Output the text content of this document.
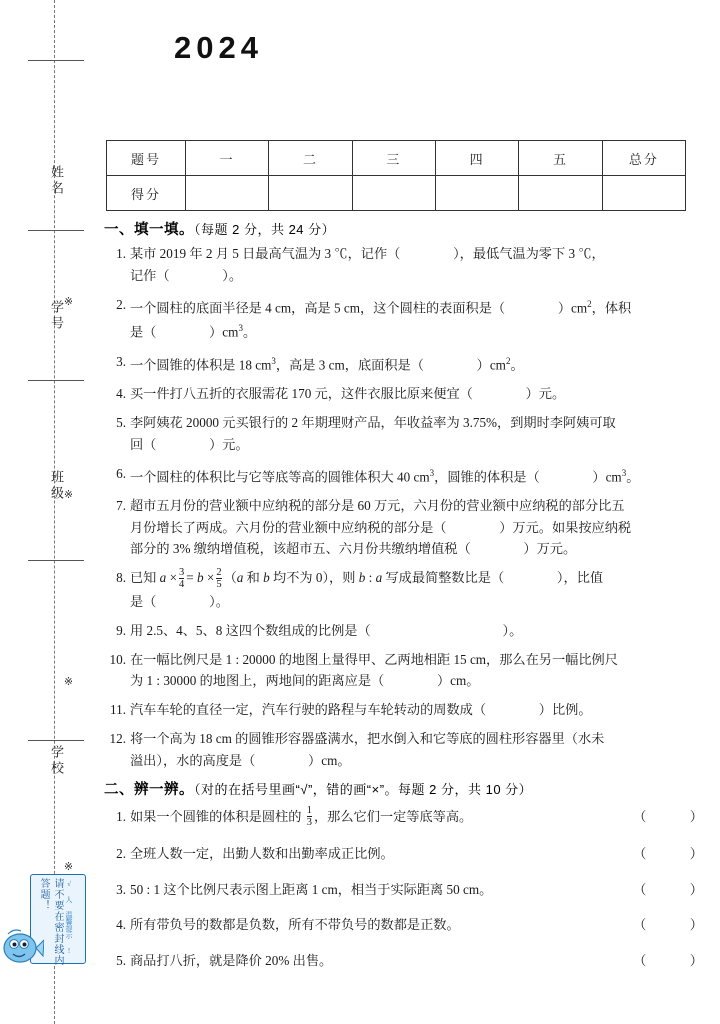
姓名
学号
班级
学校
※
※
※
※
请不要在密封线内答题！	√ 人 温馨提示 !
2024
题号	一	二	三	四	五	总分
得分						
一、填一填。（每题 2 分，共 24 分）
1. 某市 2019 年 2 月 5 日最高气温为 3 ℃，记作（　　　　），最低气温为零下 3 ℃，
记作（　　　　）。
2. 一个圆柱的底面半径是 4 cm，高是 5 cm，这个圆柱的表面积是（　　　　）$cm^2$，体积
是（　　　　）$cm^3$。
3. 一个圆锥的体积是 18 $cm^3$，高是 3 cm，底面积是（　　　　）$cm^2$。
4. 买一件打八五折的衣服需花 170 元，这件衣服比原来便宜（　　　　）元。
5. 李阿姨花 20000 元买银行的 2 年期理财产品，年收益率为 3.75%，到期时李阿姨可取
回（　　　　）元。
6. 一个圆柱的体积比与它等底等高的圆锥体积大 40 $cm^3$，圆锥的体积是（　　　　）$cm^3$。
7. 超市五月份的营业额中应纳税的部分是 60 万元，六月份的营业额中应纳税的部分比五
月份增长了两成。六月份的营业额中应纳税的部分是（　　　　）万元。如果按应纳税
部分的 3% 缴纳增值税，该超市五、六月份共缴纳增值税（　　　　）万元。
8. 已知 $a \times \frac{3}{4} = b \times \frac{2}{5} (a$ 和 b 均不为 0），则 b : a 写成最简整数比是（　　　　），比值
是（　　　　）。
9. 用 2.5、4、5、8 这四个数组成的比例是（　　　　　　　　　　）。
10. 在一幅比例尺是 1 : 20000 的地图上量得甲、乙两地相距 15 cm，那么在另一幅比例尺
为 1 : 30000 的地图上，两地间的距离应是（　　　　）cm。
11. 汽车车轮的直径一定，汽车行驶的路程与车轮转动的周数成（　　　　）比例。
12. 将一个高为 18 cm 的圆锥形容器盛满水，把水倒入和它等底的圆柱形容器里（水未
溢出），水的高度是（　　　　）cm。
二、辨一辨。（对的在括号里画“√”，错的画“×”。每题 2 分，共 10 分）
1. 如果一个圆锥的体积是圆柱的 $\frac{1}{3}$ ，那么它们一定等底等高。	（　　　）
2. 全班人数一定，出勤人数和出勤率成正比例。	（　　　）
3. 50 : 1 这个比例尺表示图上距离 1 cm，相当于实际距离 50 cm。	（　　　）
4. 所有带负号的数都是负数，所有不带负号的数都是正数。	（　　　）
5. 商品打八折，就是降价 20% 出售。	（　　　）
